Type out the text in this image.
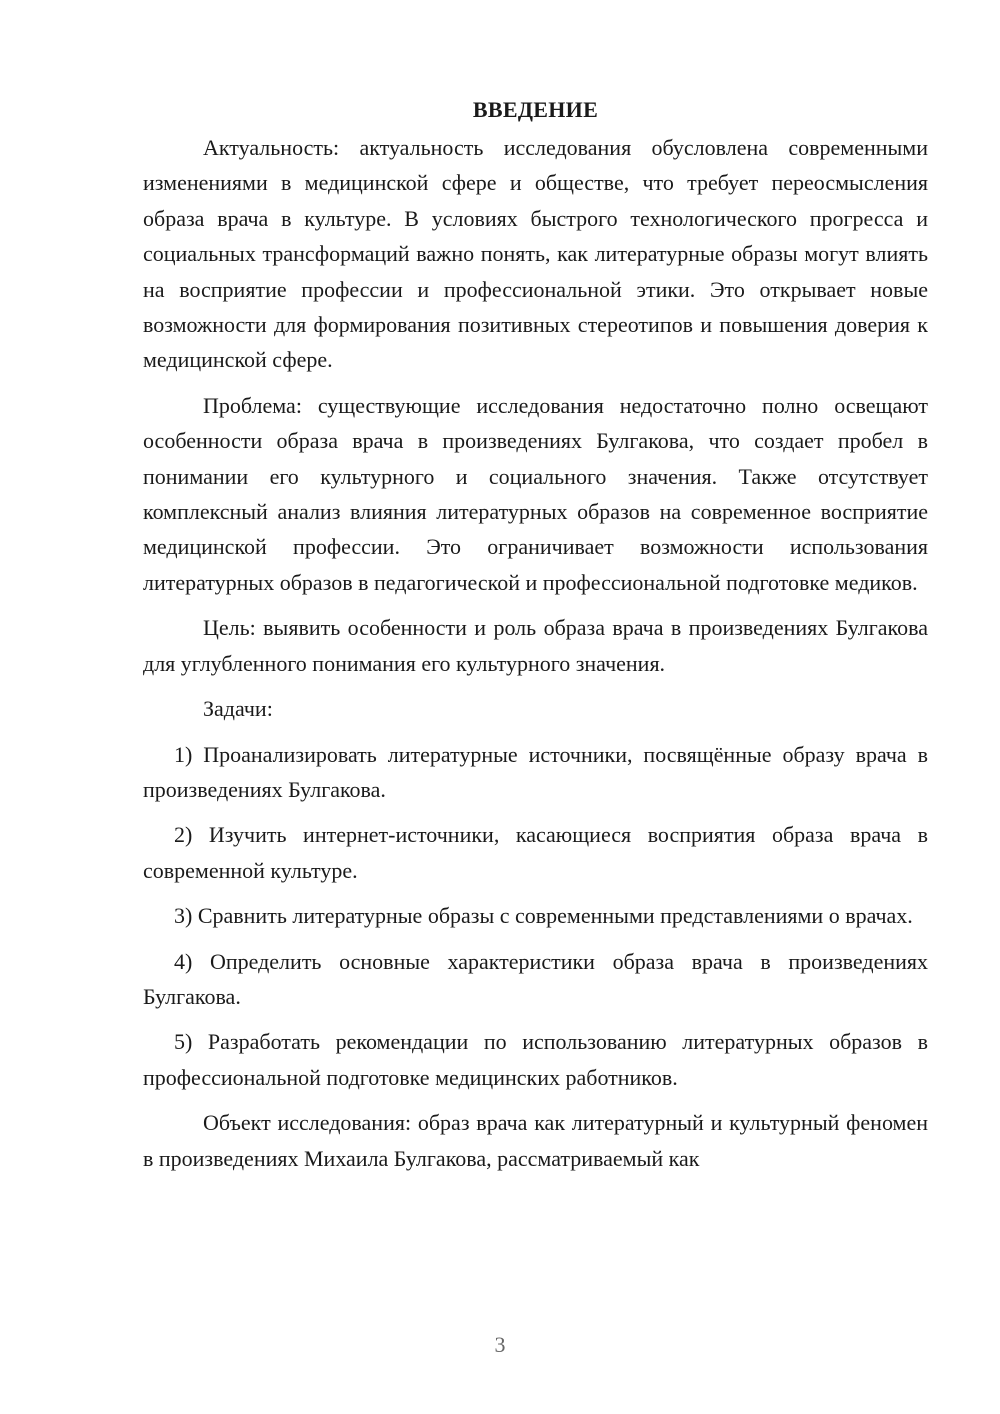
ВВЕДЕНИЕ

Актуальность: актуальность исследования обусловлена современными изменениями в медицинской сфере и обществе, что требует переосмысления образа врача в культуре. В условиях быстрого технологического прогресса и социальных трансформаций важно понять, как литературные образы могут влиять на восприятие профессии и профессиональной этики. Это открывает новые возможности для формирования позитивных стереотипов и повышения доверия к медицинской сфере.

Проблема: существующие исследования недостаточно полно освещают особенности образа врача в произведениях Булгакова, что создает пробел в понимании его культурного и социального значения. Также отсутствует комплексный анализ влияния литературных образов на современное восприятие медицинской профессии. Это ограничивает возможности использования литературных образов в педагогической и профессиональной подготовке медиков.

Цель: выявить особенности и роль образа врача в произведениях Булгакова для углубленного понимания его культурного значения.

Задачи:

1) Проанализировать литературные источники, посвящённые образу врача в произведениях Булгакова.

2) Изучить интернет-источники, касающиеся восприятия образа врача в современной культуре.

3) Сравнить литературные образы с современными представлениями о врачах.

4) Определить основные характеристики образа врача в произведениях Булгакова.

5) Разработать рекомендации по использованию литературных образов в профессиональной подготовке медицинских работников.

Объект исследования: образ врача как литературный и культурный феномен в произведениях Михаила Булгакова, рассматриваемый как

3
